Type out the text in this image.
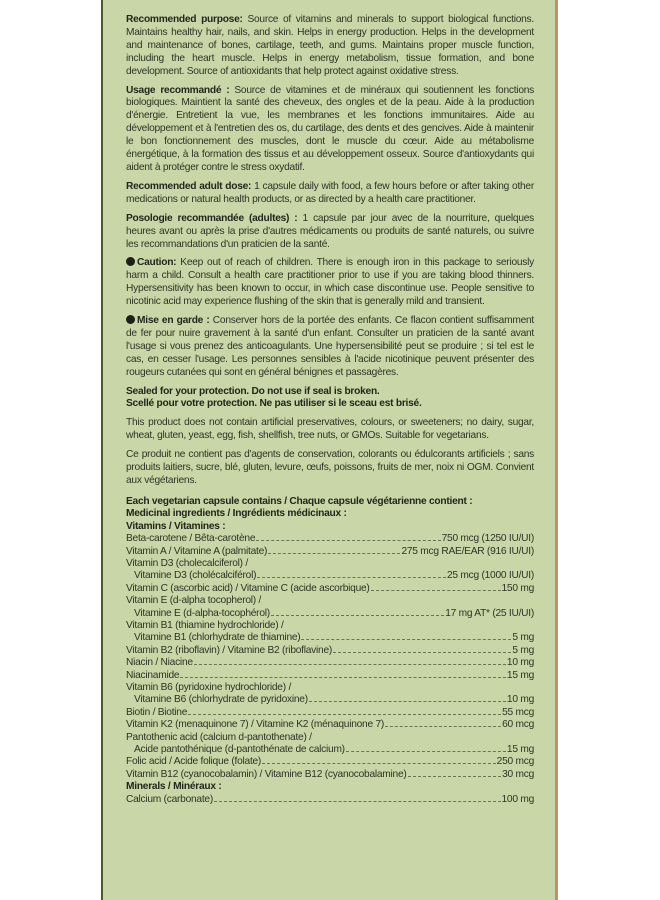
Recommended purpose: Source of vitamins and minerals to support biological functions. Maintains healthy hair, nails, and skin. Helps in energy production. Helps in the development and maintenance of bones, cartilage, teeth, and gums. Maintains proper muscle function, including the heart muscle. Helps in energy metabolism, tissue formation, and bone development. Source of antioxidants that help protect against oxidative stress.

Usage recommandé : Source de vitamines et de minéraux qui soutiennent les fonctions biologiques. Maintient la santé des cheveux, des ongles et de la peau. Aide à la production d'énergie. Entretient la vue, les membranes et les fonctions immunitaires. Aide au développement et à l'entretien des os, du cartilage, des dents et des gencives. Aide à maintenir le bon fonctionnement des muscles, dont le muscle du cœur. Aide au métabolisme énergétique, à la formation des tissus et au développement osseux. Source d'antioxydants qui aident à protéger contre le stress oxydatif.

Recommended adult dose: 1 capsule daily with food, a few hours before or after taking other medications or natural health products, or as directed by a health care practitioner.

Posologie recommandée (adultes) : 1 capsule par jour avec de la nourriture, quelques heures avant ou après la prise d'autres médicaments ou produits de santé naturels, ou suivre les recommandations d'un praticien de la santé.

Caution: Keep out of reach of children. There is enough iron in this package to seriously harm a child. Consult a health care practitioner prior to use if you are taking blood thinners. Hypersensitivity has been known to occur, in which case discontinue use. People sensitive to nicotinic acid may experience flushing of the skin that is generally mild and transient.

Mise en garde : Conserver hors de la portée des enfants. Ce flacon contient suffisamment de fer pour nuire gravement à la santé d'un enfant. Consulter un praticien de la santé avant l'usage si vous prenez des anticoagulants. Une hypersensibilité peut se produire ; si tel est le cas, en cesser l'usage. Les personnes sensibles à l'acide nicotinique peuvent présenter des rougeurs cutanées qui sont en général bénignes et passagères.

Sealed for your protection. Do not use if seal is broken.
Scellé pour votre protection. Ne pas utiliser si le sceau est brisé.

This product does not contain artificial preservatives, colours, or sweeteners; no dairy, sugar, wheat, gluten, yeast, egg, fish, shellfish, tree nuts, or GMOs. Suitable for vegetarians.

Ce produit ne contient pas d'agents de conservation, colorants ou édulcorants artificiels ; sans produits laitiers, sucre, blé, gluten, levure, œufs, poissons, fruits de mer, noix ni OGM. Convient aux végétariens.

Each vegetarian capsule contains / Chaque capsule végétarienne contient :
Medicinal ingredients / Ingrédients médicinaux :
Vitamins / Vitamines :
Beta-carotene / Bêta-carotène	750 mcg (1250 IU/UI)
Vitamin A / Vitamine A (palmitate)	275 mcg RAE/EAR (916 IU/UI)
Vitamin D3 (cholecalciferol) /
Vitamine D3 (cholécalciférol)	25 mcg (1000 IU/UI)
Vitamin C (ascorbic acid) / Vitamine C (acide ascorbique)	150 mg
Vitamin E (d-alpha tocopherol) /
Vitamine E (d-alpha-tocophérol)	17 mg AT* (25 IU/UI)
Vitamin B1 (thiamine hydrochloride) /
Vitamine B1 (chlorhydrate de thiamine)	5 mg
Vitamin B2 (riboflavin) / Vitamine B2 (riboflavine)	5 mg
Niacin / Niacine	10 mg
Niacinamide	15 mg
Vitamin B6 (pyridoxine hydrochloride) /
Vitamine B6 (chlorhydrate de pyridoxine)	10 mg
Biotin / Biotine	55 mcg
Vitamin K2 (menaquinone 7) / Vitamine K2 (ménaquinone 7)	60 mcg
Pantothenic acid (calcium d-pantothenate) /
Acide pantothénique (d-pantothénate de calcium)	15 mg
Folic acid / Acide folique (folate)	250 mcg
Vitamin B12 (cyanocobalamin) / Vitamine B12 (cyanocobalamine)	30 mcg
Minerals / Minéraux :
Calcium (carbonate)	100 mg
